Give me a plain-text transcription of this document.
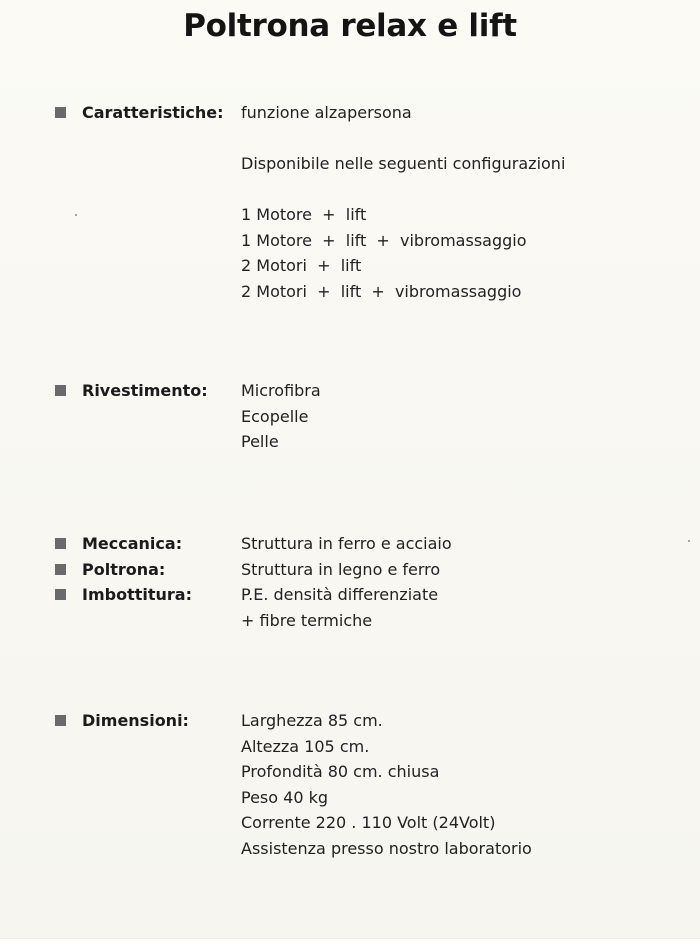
Poltrona relax e lift
Caratteristiche: funzione alzapersona
Disponibile nelle seguenti configurazioni
1 Motore  +  lift
1 Motore  +  lift  +  vibromassaggio
2 Motori  +  lift
2 Motori  +  lift  +  vibromassaggio
Rivestimento: Microfibra
Ecopelle
Pelle
Meccanica:	Struttura in ferro e acciaio
Poltrona:	Struttura in legno e ferro
Imbottitura:	P.E. densità differenziate
+ fibre termiche
Dimensioni:	Larghezza 85 cm.
Altezza 105 cm.
Profondità 80 cm. chiusa
Peso 40 kg
Corrente 220 . 110 Volt (24Volt)
Assistenza presso nostro laboratorio
